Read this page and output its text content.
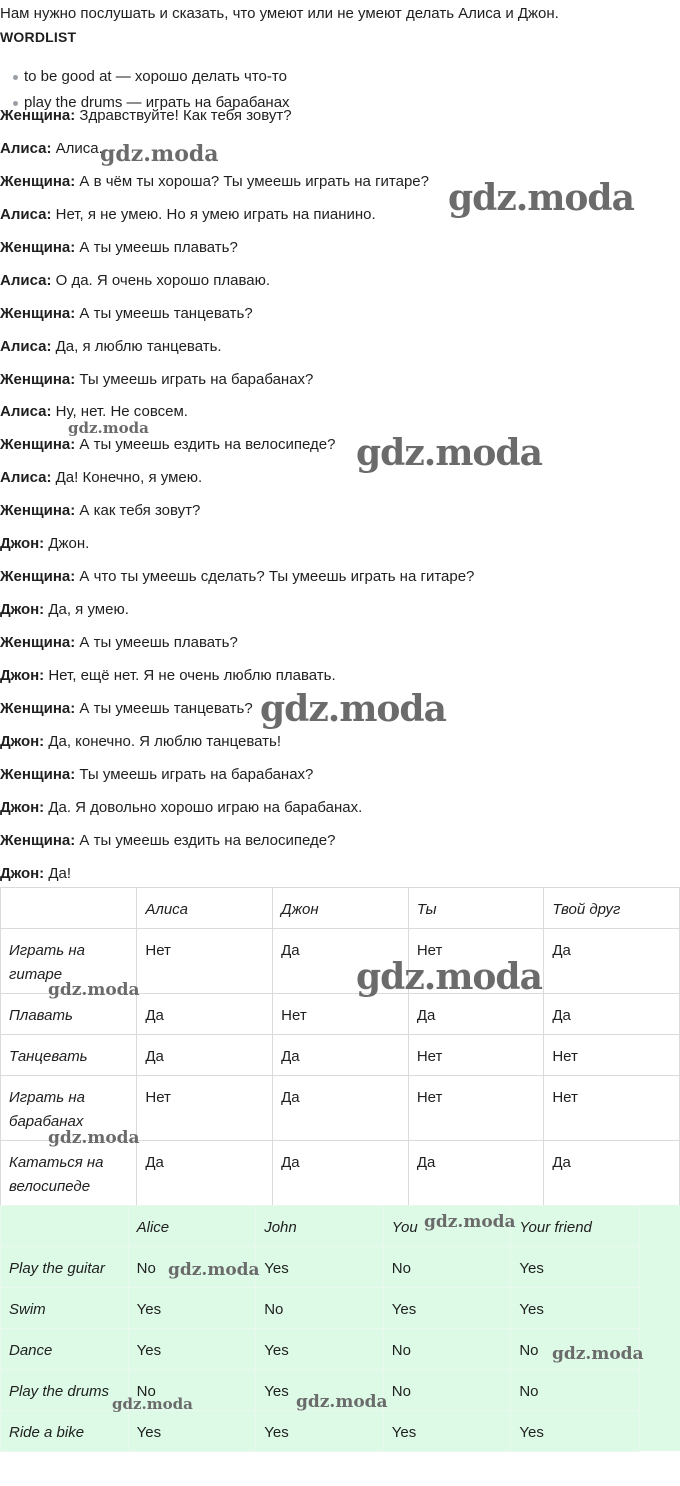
Нам нужно послушать и сказать, что умеют или не умеют делать Алиса и Джон.
WORDLIST
to be good at — хорошо делать что-то
play the drums — играть на барабанах
Женщина: Здравствуйте! Как тебя зовут?
Алиса: Алиса.
Женщина: А в чём ты хороша? Ты умеешь играть на гитаре?
Алиса: Нет, я не умею. Но я умею играть на пианино.
Женщина: А ты умеешь плавать?
Алиса: О да. Я очень хорошо плаваю.
Женщина: А ты умеешь танцевать?
Алиса: Да, я люблю танцевать.
Женщина: Ты умеешь играть на барабанах?
Алиса: Ну, нет. Не совсем.
Женщина: А ты умеешь ездить на велосипеде?
Алиса: Да! Конечно, я умею.
Женщина: А как тебя зовут?
Джон: Джон.
Женщина: А что ты умеешь сделать? Ты умеешь играть на гитаре?
Джон: Да, я умею.
Женщина: А ты умеешь плавать?
Джон: Нет, ещё нет. Я не очень люблю плавать.
Женщина: А ты умеешь танцевать?
Джон: Да, конечно. Я люблю танцевать!
Женщина: Ты умеешь играть на барабанах?
Джон: Да. Я довольно хорошо играю на барабанах.
Женщина: А ты умеешь ездить на велосипеде?
Джон: Да!
	Алиса	Джон	Ты	Твой друг
Играть на гитаре	Нет	Да	Нет	Да
Плавать	Да	Нет	Да	Да
Танцевать	Да	Да	Нет	Нет
Играть на барабанах	Нет	Да	Нет	Нет
Кататься на велосипеде	Да	Да	Да	Да
	Alice	John	You	Your friend
Play the guitar	No	Yes	No	Yes
Swim	Yes	No	Yes	Yes
Dance	Yes	Yes	No	No
Play the drums	No	Yes	No	No
Ride a bike	Yes	Yes	Yes	Yes
gdz.moda
gdz.moda
gdz.moda
gdz.moda
gdz.moda
gdz.moda
gdz.moda
gdz.moda
gdz.moda
gdz.moda
gdz.moda
gdz.moda	gdz.moda
